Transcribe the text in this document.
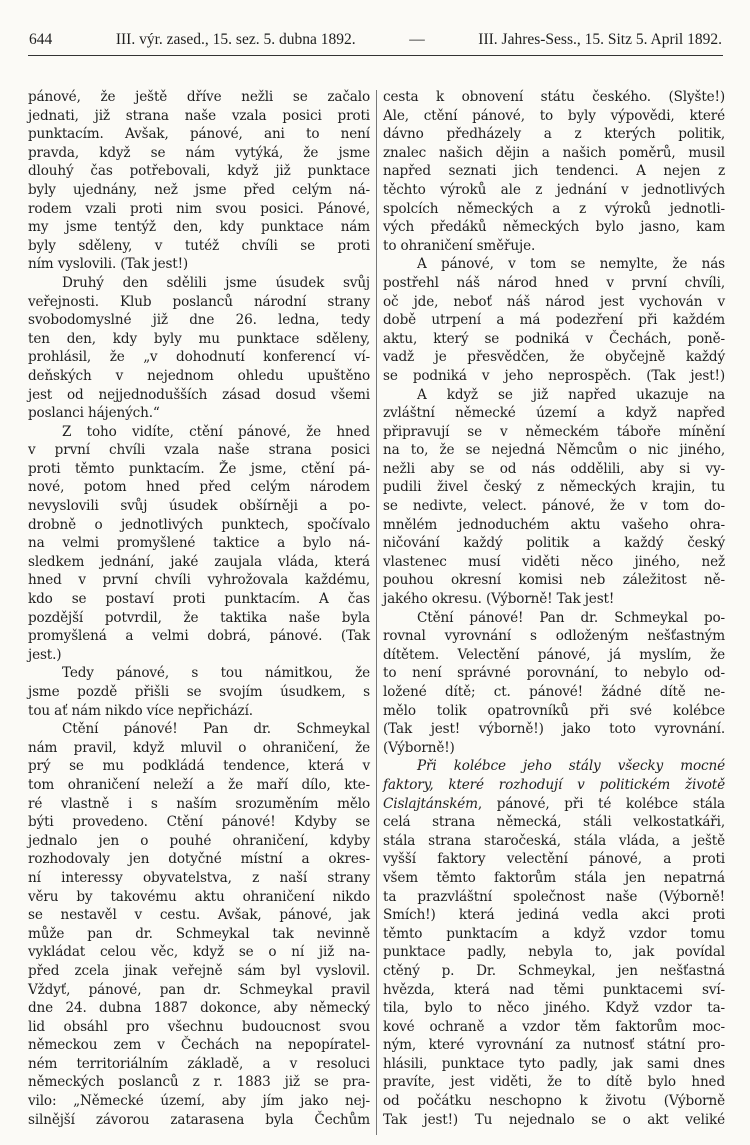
644	III. výr. zased., 15. sez. 5. dubna 1892.	—	III. Jahres-Sess., 15. Sitz 5. April 1892.
pánové, že ještě dříve nežli se začalo
jednati, již strana naše vzala posici proti
punktacím. Avšak, pánové, ani to není
pravda, když se nám vytýká, že jsme
dlouhý čas potřebovali, když již punktace
byly ujednány, než jsme před celým ná-
rodem vzali proti nim svou posici. Pánové,
my jsme tentýž den, kdy punktace nám
byly sděleny, v tutéž chvíli se proti
ním vyslovili. (Tak jest!)
Druhý den sdělili jsme úsudek svůj
veřejnosti. Klub poslanců národní strany
svobodomyslné již dne 26. ledna, tedy
ten den, kdy byly mu punktace sděleny,
prohlásil, že „v dohodnutí konferencí ví-
deňských v nejednom ohledu upuštěno
jest od nejjednodušších zásad dosud všemi
poslanci hájených.“
Z toho vidíte, ctění pánové, že hned
v první chvíli vzala naše strana posici
proti těmto punktacím. Že jsme, ctění pá-
nové, potom hned před celým národem
nevyslovili svůj úsudek obšírněji a po-
drobně o jednotlivých punktech, spočívalo
na velmi promyšlené taktice a bylo ná-
sledkem jednání, jaké zaujala vláda, která
hned v první chvíli vyhrožovala každému,
kdo se postaví proti punktacím. A čas
pozdější potvrdil, že taktika naše byla
promyšlená a velmi dobrá, pánové. (Tak
jest.)
Tedy pánové, s tou námitkou, že
jsme pozdě přišli se svojím úsudkem, s
tou ať nám nikdo více nepřichází.
Ctění pánové! Pan dr. Schmeykal
nám pravil, když mluvil o ohraničení, že
prý se mu podkládá tendence, která v
tom ohraničení neleží a že maří dílo, kte-
ré vlastně i s naším srozuměním mělo
býti provedeno. Ctění pánové! Kdyby se
jednalo jen o pouhé ohraničení, kdyby
rozhodovaly jen dotyčné místní a okres-
ní interessy obyvatelstva, z naší strany
věru by takovému aktu ohraničení nikdo
se nestavěl v cestu. Avšak, pánové, jak
může pan dr. Schmeykal tak nevinně
vykládat celou věc, když se o ní již na-
před zcela jinak veřejně sám byl vyslovil.
Vždyť, pánové, pan dr. Schmeykal pravil
dne 24. dubna 1887 dokonce, aby německý
lid obsáhl pro všechnu budoucnost svou
německou zem v Čechách na nepopíratel-
ném territoriálním základě, a v resoluci
německých poslanců z r. 1883 již se pra-
vilo: „Německé území, aby jím jako nej-
silnější závorou zatarasena byla Čechům
cesta k obnovení státu českého. (Slyšte!)
Ale, ctění pánové, to byly výpovědi, které
dávno předházely a z kterých politik,
znalec našich dějin a našich poměrů, musil
napřed seznati jich tendenci. A nejen z
těchto výroků ale z jednání v jednotlivých
spolcích německých a z výroků jednotli-
vých předáků německých bylo jasno, kam
to ohraničení směřuje.
A pánové, v tom se nemylte, že nás
postřehl náš národ hned v první chvíli,
oč jde, neboť náš národ jest vychován v
době utrpení a má podezření při každém
aktu, který se podniká v Čechách, poně-
vadž je přesvědčen, že obyčejně každý
se podniká v jeho neprospěch. (Tak jest!)
A když se již napřed ukazuje na
zvláštní německé území a když napřed
připravují se v německém táboře mínění
na to, že se nejedná Němcům o nic jiného,
nežli aby se od nás oddělili, aby si vy-
pudili živel český z německých krajin, tu
se nedivte, velect. pánové, že v tom do-
mnělém jednoduchém aktu vašeho ohra-
ničování každý politik a každý český
vlastenec musí viděti něco jiného, než
pouhou okresní komisi neb záležitost ně-
jakého okresu. (Výborně! Tak jest!
Ctění pánové! Pan dr. Schmeykal po-
rovnal vyrovnání s odloženým nešťastným
dítětem. Velectění pánové, já myslím, že
to není správné porovnání, to nebylo od-
ložené dítě; ct. pánové! žádné dítě ne-
mělo tolik opatrovníků při své kolébce
(Tak jest! výborně!) jako toto vyrovnání.
(Výborně!)
Při kolébce jeho stály všecky mocné
faktory, které rozhodují v politickém životě
Cislajtánském, pánové, při té kolébce stála
celá strana německá, stáli velkostatkáři,
stála strana staročeská, stála vláda, a ještě
vyšší faktory velectění pánové, a proti
všem těmto faktorům stála jen nepatrná
ta prazvláštní společnost naše (Výborně!
Smích!) která jediná vedla akci proti
těmto punktacím a když vzdor tomu
punktace padly, nebyla to, jak povídal
ctěný p. Dr. Schmeykal, jen nešťastná
hvězda, která nad těmi punktacemi sví-
tila, bylo to něco jiného. Když vzdor ta-
kové ochraně a vzdor těm faktorům moc-
ným, které vyrovnání za nutnosť státní pro-
hlásili, punktace tyto padly, jak sami dnes
pravíte, jest viděti, že to dítě bylo hned
od počátku neschopno k životu (Výborně
Tak jest!) Tu nejednalo se o akt veliké
